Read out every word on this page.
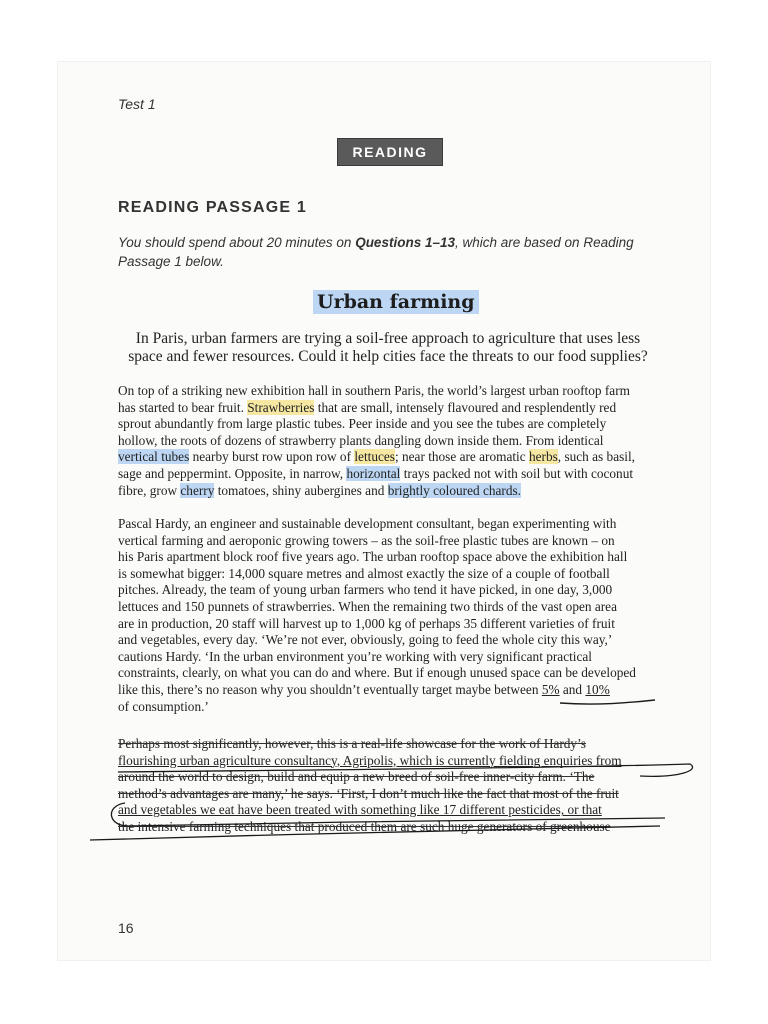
Test 1
READING
READING PASSAGE 1
You should spend about 20 minutes on Questions 1–13, which are based on Reading Passage 1 below.
Urban farming
In Paris, urban farmers are trying a soil-free approach to agriculture that uses less
space and fewer resources. Could it help cities face the threats to our food supplies?
On top of a striking new exhibition hall in southern Paris, the world’s largest urban rooftop farm
has started to bear fruit. Strawberries that are small, intensely flavoured and resplendently red
sprout abundantly from large plastic tubes. Peer inside and you see the tubes are completely
hollow, the roots of dozens of strawberry plants dangling down inside them. From identical
vertical tubes nearby burst row upon row of lettuces; near those are aromatic herbs, such as basil,
sage and peppermint. Opposite, in narrow, horizontal trays packed not with soil but with coconut
fibre, grow cherry tomatoes, shiny aubergines and brightly coloured chards.
Pascal Hardy, an engineer and sustainable development consultant, began experimenting with
vertical farming and aeroponic growing towers – as the soil-free plastic tubes are known – on
his Paris apartment block roof five years ago. The urban rooftop space above the exhibition hall
is somewhat bigger: 14,000 square metres and almost exactly the size of a couple of football
pitches. Already, the team of young urban farmers who tend it have picked, in one day, 3,000
lettuces and 150 punnets of strawberries. When the remaining two thirds of the vast open area
are in production, 20 staff will harvest up to 1,000 kg of perhaps 35 different varieties of fruit
and vegetables, every day. ‘We’re not ever, obviously, going to feed the whole city this way,’
cautions Hardy. ‘In the urban environment you’re working with very significant practical
constraints, clearly, on what you can do and where. But if enough unused space can be developed
like this, there’s no reason why you shouldn’t eventually target maybe between 5% and 10%
of consumption.’
Perhaps most significantly, however, this is a real-life showcase for the work of Hardy’s
flourishing urban agriculture consultancy, Agripolis, which is currently fielding enquiries from
around the world to design, build and equip a new breed of soil-free inner-city farm. ‘The
method’s advantages are many,’ he says. ‘First, I don’t much like the fact that most of the fruit
and vegetables we eat have been treated with something like 17 different pesticides, or that
the intensive farming techniques that produced them are such huge generators of greenhouse
16
